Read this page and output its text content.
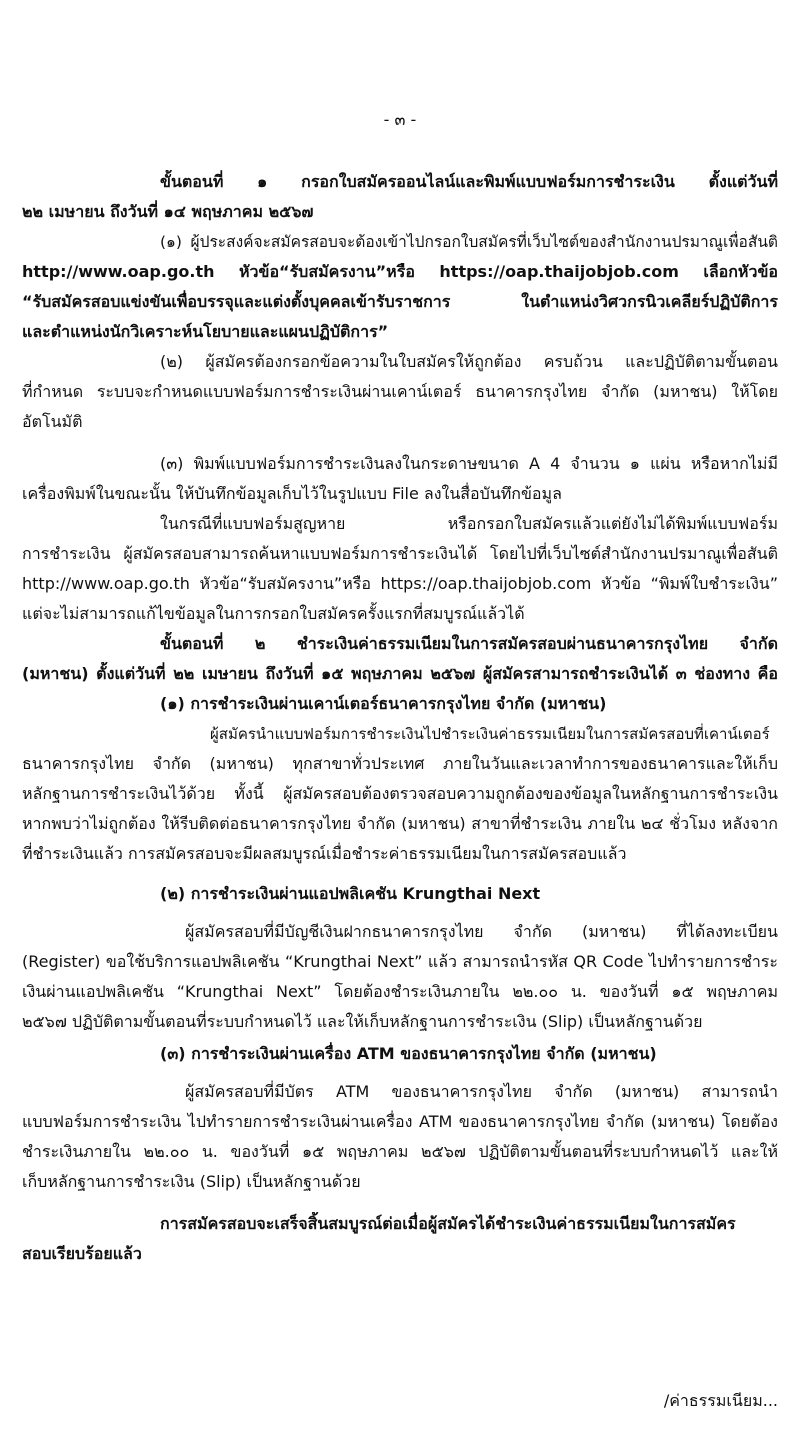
- ๓ -
ขั้นตอนที่ ๑ กรอกใบสมัครออนไลน์และพิมพ์แบบฟอร์มการชำระเงิน ตั้งแต่วันที่
๒๒ เมษายน ถึงวันที่ ๑๔ พฤษภาคม ๒๕๖๗
(๑) ผู้ประสงค์จะสมัครสอบจะต้องเข้าไปกรอกใบสมัครที่เว็บไซต์ของสำนักงานปรมาณูเพื่อสันติ
http://www.oap.go.th หัวข้อ“รับสมัครงาน”หรือ https://oap.thaijobjob.com เลือกหัวข้อ
“รับสมัครสอบแข่งขันเพื่อบรรจุและแต่งตั้งบุคคลเข้ารับราชการ ในตำแหน่งวิศวกรนิวเคลียร์ปฏิบัติการ
และตำแหน่งนักวิเคราะห์นโยบายและแผนปฏิบัติการ”
(๒) ผู้สมัครต้องกรอกข้อความในใบสมัครให้ถูกต้อง ครบถ้วน และปฏิบัติตามขั้นตอน
ที่กำหนด ระบบจะกำหนดแบบฟอร์มการชำระเงินผ่านเคาน์เตอร์ ธนาคารกรุงไทย จำกัด (มหาชน) ให้โดย
อัตโนมัติ
(๓) พิมพ์แบบฟอร์มการชำระเงินลงในกระดาษขนาด A 4 จำนวน ๑ แผ่น หรือหากไม่มี
เครื่องพิมพ์ในขณะนั้น ให้บันทึกข้อมูลเก็บไว้ในรูปแบบ File ลงในสื่อบันทึกข้อมูล
ในกรณีที่แบบฟอร์มสูญหาย หรือกรอกใบสมัครแล้วแต่ยังไม่ได้พิมพ์แบบฟอร์ม
การชำระเงิน ผู้สมัครสอบสามารถค้นหาแบบฟอร์มการชำระเงินได้ โดยไปที่เว็บไซต์สำนักงานปรมาณูเพื่อสันติ
http://www.oap.go.th หัวข้อ“รับสมัครงาน”หรือ https://oap.thaijobjob.com หัวข้อ “พิมพ์ใบชำระเงิน”
แต่จะไม่สามารถแก้ไขข้อมูลในการกรอกใบสมัครครั้งแรกที่สมบูรณ์แล้วได้
ขั้นตอนที่ ๒ ชำระเงินค่าธรรมเนียมในการสมัครสอบผ่านธนาคารกรุงไทย จำกัด
(มหาชน) ตั้งแต่วันที่ ๒๒ เมษายน ถึงวันที่ ๑๕ พฤษภาคม ๒๕๖๗ ผู้สมัครสามารถชำระเงินได้ ๓ ช่องทาง คือ
(๑) การชำระเงินผ่านเคาน์เตอร์ธนาคารกรุงไทย จำกัด (มหาชน)
ผู้สมัครนำแบบฟอร์มการชำระเงินไปชำระเงินค่าธรรมเนียมในการสมัครสอบที่เคาน์เตอร์
ธนาคารกรุงไทย จำกัด (มหาชน) ทุกสาขาทั่วประเทศ ภายในวันและเวลาทำการของธนาคารและให้เก็บ
หลักฐานการชำระเงินไว้ด้วย ทั้งนี้ ผู้สมัครสอบต้องตรวจสอบความถูกต้องของข้อมูลในหลักฐานการชำระเงิน
หากพบว่าไม่ถูกต้อง ให้รีบติดต่อธนาคารกรุงไทย จำกัด (มหาชน) สาขาที่ชำระเงิน ภายใน ๒๔ ชั่วโมง หลังจาก
ที่ชำระเงินแล้ว การสมัครสอบจะมีผลสมบูรณ์เมื่อชำระค่าธรรมเนียมในการสมัครสอบแล้ว
(๒) การชำระเงินผ่านแอปพลิเคชัน Krungthai Next
ผู้สมัครสอบที่มีบัญชีเงินฝากธนาคารกรุงไทย จำกัด (มหาชน) ที่ได้ลงทะเบียน
(Register) ขอใช้บริการแอปพลิเคชัน “Krungthai Next” แล้ว สามารถนำรหัส QR Code ไปทำรายการชำระ
เงินผ่านแอปพลิเคชัน “Krungthai Next” โดยต้องชำระเงินภายใน ๒๒.๐๐ น. ของวันที่ ๑๕ พฤษภาคม
๒๕๖๗ ปฏิบัติตามขั้นตอนที่ระบบกำหนดไว้ และให้เก็บหลักฐานการชำระเงิน (Slip) เป็นหลักฐานด้วย
(๓) การชำระเงินผ่านเครื่อง ATM ของธนาคารกรุงไทย จำกัด (มหาชน)
ผู้สมัครสอบที่มีบัตร ATM ของธนาคารกรุงไทย จำกัด (มหาชน) สามารถนำ
แบบฟอร์มการชำระเงิน ไปทำรายการชำระเงินผ่านเครื่อง ATM ของธนาคารกรุงไทย จำกัด (มหาชน) โดยต้อง
ชำระเงินภายใน ๒๒.๐๐ น. ของวันที่ ๑๕ พฤษภาคม ๒๕๖๗ ปฏิบัติตามขั้นตอนที่ระบบกำหนดไว้ และให้
เก็บหลักฐานการชำระเงิน (Slip) เป็นหลักฐานด้วย
การสมัครสอบจะเสร็จสิ้นสมบูรณ์ต่อเมื่อผู้สมัครได้ชำระเงินค่าธรรมเนียมในการสมัคร
สอบเรียบร้อยแล้ว
/ค่าธรรมเนียม...
